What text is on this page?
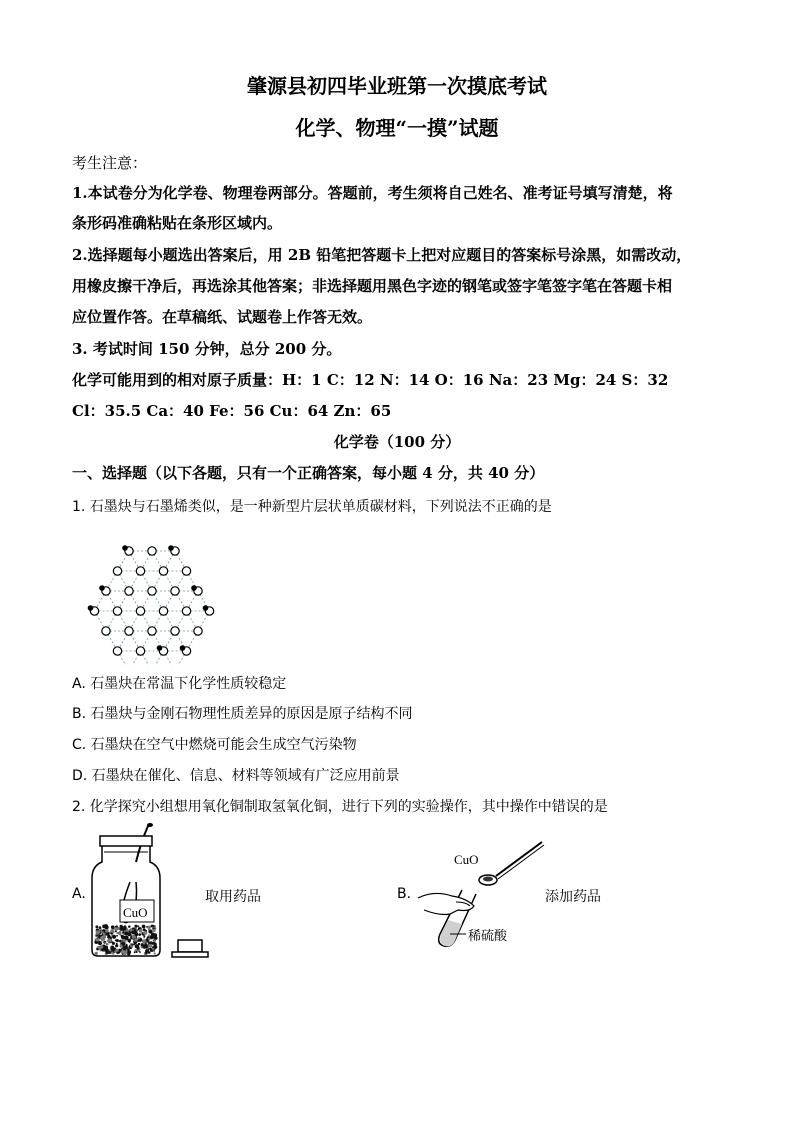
肇源县初四毕业班第一次摸底考试
化学、物理“一摸”试题
考生注意：
1.本试卷分为化学卷、物理卷两部分。答题前，考生须将自己姓名、准考证号填写清楚，将
条形码准确粘贴在条形区域内。
2.选择题每小题选出答案后，用 2B 铅笔把答题卡上把对应题目的答案标号涂黑，如需改动，
用橡皮擦干净后，再选涂其他答案；非选择题用黑色字迹的钢笔或签字笔签字笔在答题卡相
应位置作答。在草稿纸、试题卷上作答无效。
3. 考试时间 150 分钟，总分 200 分。
化学可能用到的相对原子质量：H：1 C：12 N：14 O：16 Na：23 Mg：24 S：32
Cl：35.5 Ca：40 Fe：56 Cu：64 Zn：65
化学卷（100 分）
一、选择题（以下各题，只有一个正确答案，每小题 4 分，共 40 分）
1. 石墨炔与石墨烯类似，是一种新型片层状单质碳材料，下列说法不正确的是
A. 石墨炔在常温下化学性质较稳定
B. 石墨炔与金刚石物理性质差异的原因是原子结构不同
C. 石墨炔在空气中燃烧可能会生成空气污染物
D. 石墨炔在催化、信息、材料等领域有广泛应用前景
2. 化学探究小组想用氧化铜制取氢氧化铜，进行下列的实验操作，其中操作中错误的是
A.
CuO
取用药品	B.
CuO
稀硫酸
添加药品
